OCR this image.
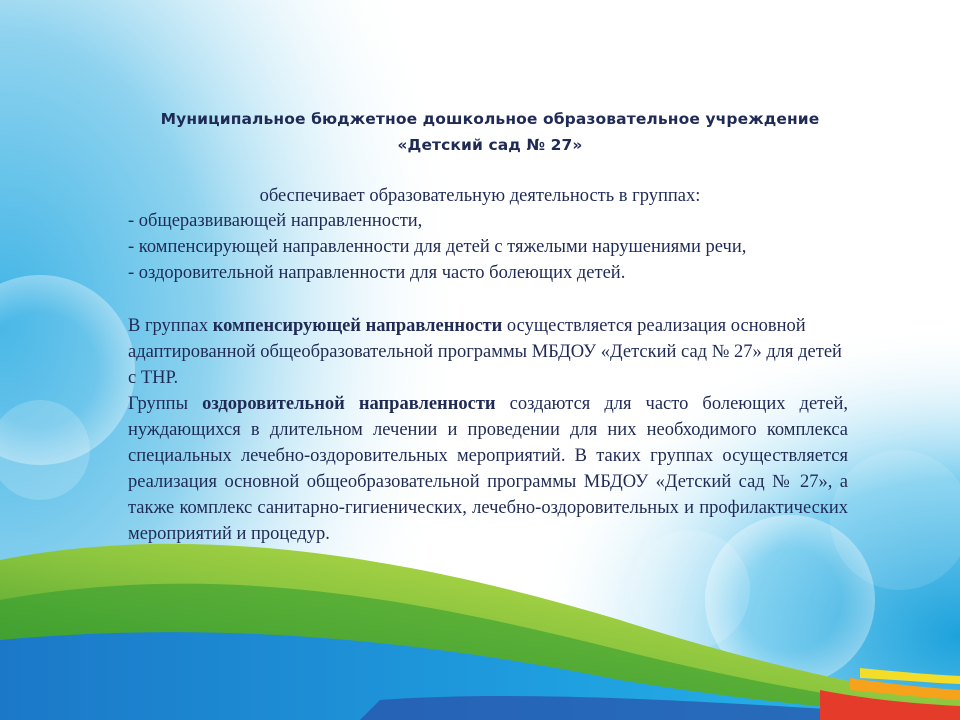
Муниципальное бюджетное дошкольное образовательное учреждение
«Детский сад № 27»
обеспечивает образовательную деятельность в группах:
- общеразвивающей направленности,
- компенсирующей направленности для детей с тяжелыми нарушениями речи,
- оздоровительной направленности для часто болеющих детей.
В группах компенсирующей направленности осуществляется реализация основной адаптированной общеобразовательной программы МБДОУ «Детский сад № 27» для детей с ТНР.
Группы оздоровительной направленности создаются для часто болеющих детей, нуждающихся в длительном лечении и проведении для них необходимого комплекса специальных лечебно-оздоровительных мероприятий. В таких группах осуществляется реализация основной общеобразовательной программы МБДОУ «Детский сад № 27», а также комплекс санитарно-гигиенических, лечебно-оздоровительных и профилактических мероприятий и процедур.
